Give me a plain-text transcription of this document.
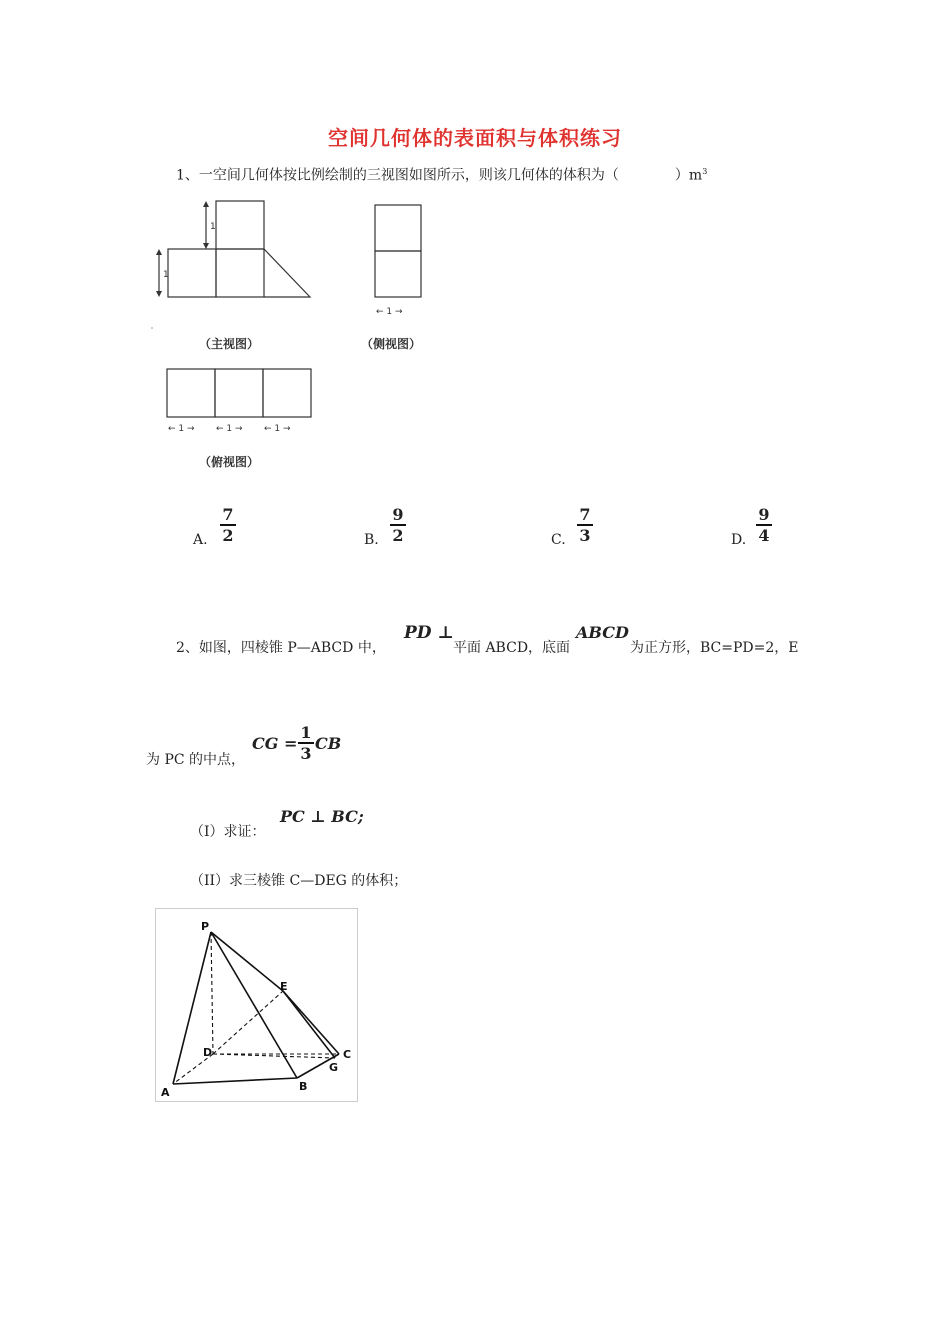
空间几何体的表面积与体积练习
1、一空间几何体按比例绘制的三视图如图所示，则该几何体的体积为（　　　　）$m^3$
1
1
← 1 → ← 1 → ← 1 →
← 1 →
（主视图）	（侧视图）
（俯视图）
A.
7
2	B.
9
2	C.
7
3	D.
9
4
2、如图，四棱锥 P—ABCD 中，
PD ⊥
平面 ABCD，底面
ABCD
为正方形，BC=PD=2，E
为 PC 的中点，
CG =
1
3
CB
（I）求证：
PC ⊥ BC;
（II）求三棱锥 C—DEG 的体积；
P
E
D	C
G
A	B
